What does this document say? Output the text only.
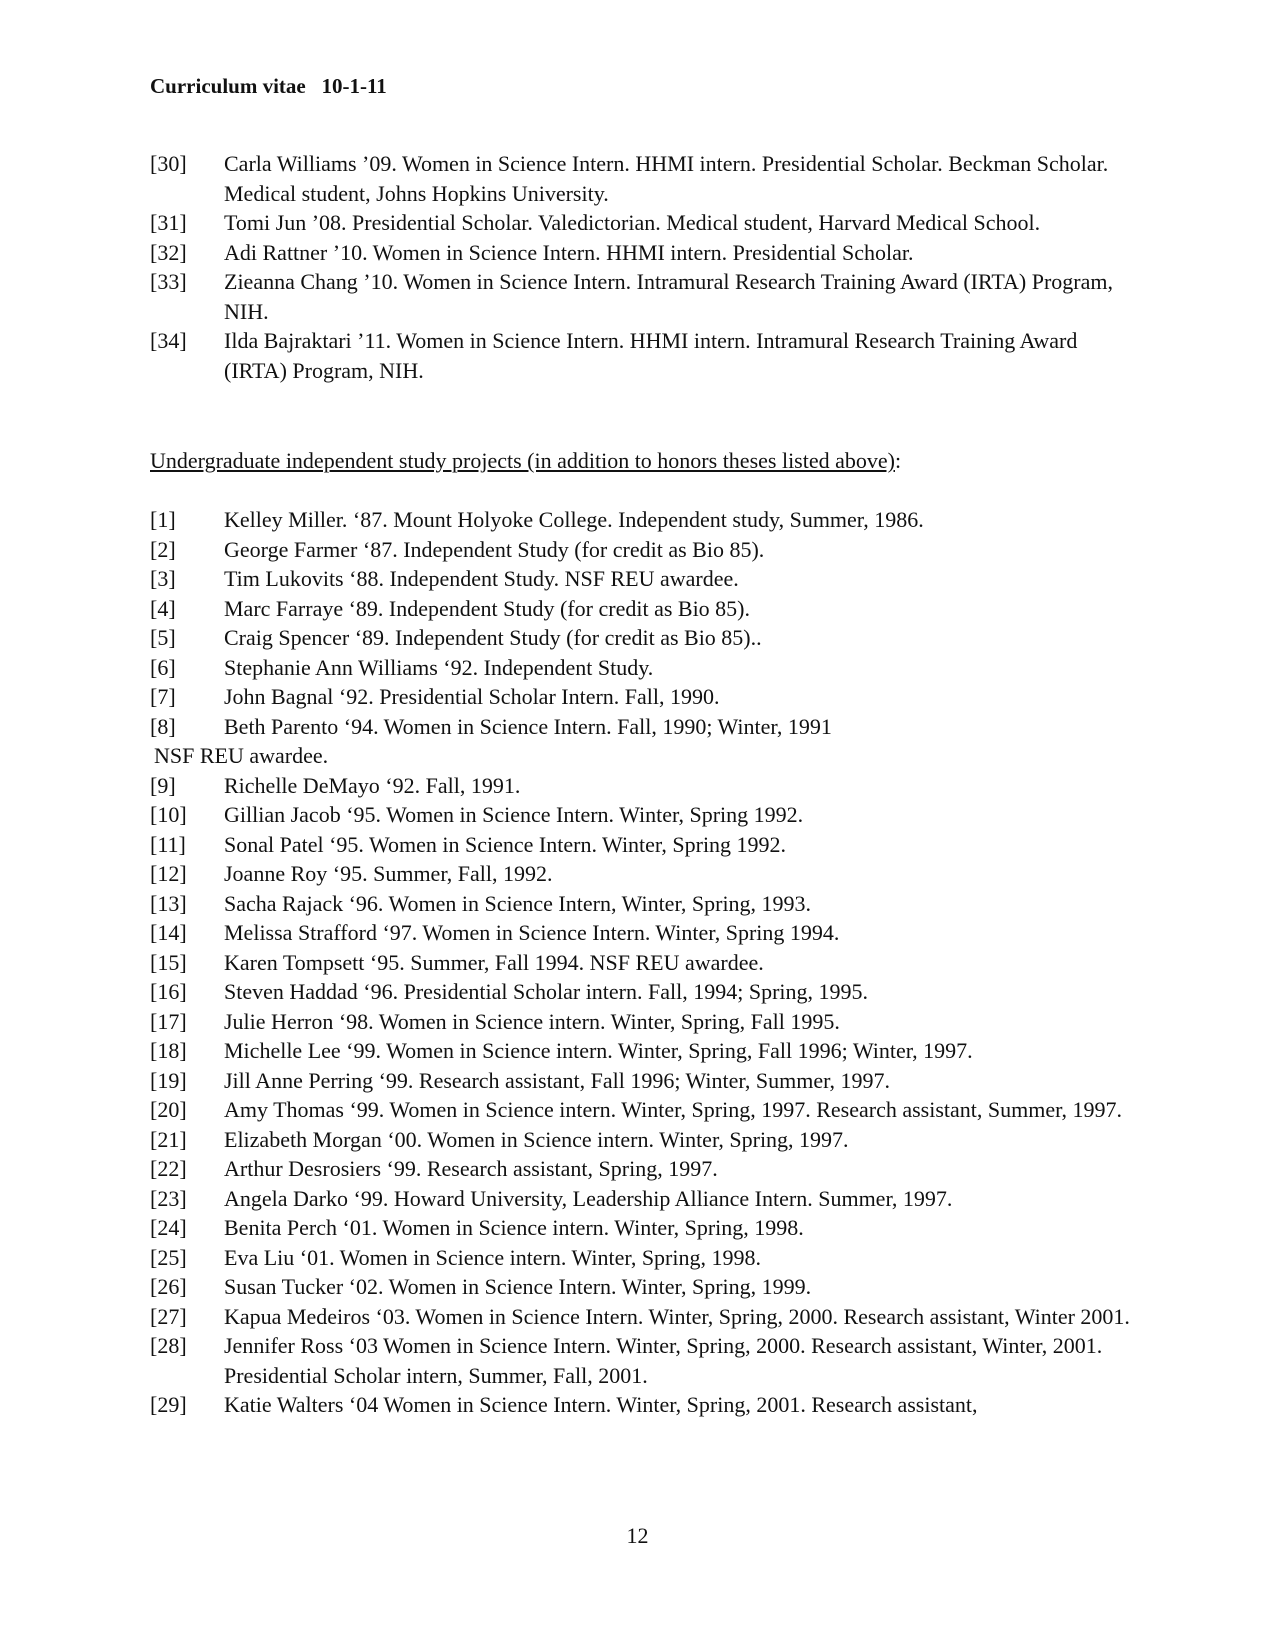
Curriculum vitae   10-1-11
[30] Carla Williams ’09. Women in Science Intern. HHMI intern. Presidential Scholar. Beckman Scholar. Medical student, Johns Hopkins University.
[31] Tomi Jun ’08. Presidential Scholar. Valedictorian. Medical student, Harvard Medical School.
[32] Adi Rattner ’10. Women in Science Intern. HHMI intern. Presidential Scholar.
[33] Zieanna Chang ’10. Women in Science Intern. Intramural Research Training Award (IRTA) Program, NIH.
[34] Ilda Bajraktari ’11. Women in Science Intern. HHMI intern. Intramural Research Training Award (IRTA) Program, NIH.
Undergraduate independent study projects (in addition to honors theses listed above):
[1] Kelley Miller. ‘87. Mount Holyoke College. Independent study, Summer, 1986.
[2] George Farmer ‘87. Independent Study (for credit as Bio 85).
[3] Tim Lukovits ‘88. Independent Study. NSF REU awardee.
[4] Marc Farraye ‘89. Independent Study (for credit as Bio 85).
[5] Craig Spencer ‘89. Independent Study (for credit as Bio 85)..
[6] Stephanie Ann Williams ‘92. Independent Study.
[7] John Bagnal ‘92. Presidential Scholar Intern. Fall, 1990.
[8] Beth Parento ‘94. Women in Science Intern. Fall, 1990; Winter, 1991
NSF REU awardee.
[9] Richelle DeMayo ‘92. Fall, 1991.
[10] Gillian Jacob ‘95. Women in Science Intern. Winter, Spring 1992.
[11] Sonal Patel ‘95. Women in Science Intern. Winter, Spring 1992.
[12] Joanne Roy ‘95. Summer, Fall, 1992.
[13] Sacha Rajack ‘96. Women in Science Intern, Winter, Spring, 1993.
[14] Melissa Strafford ‘97. Women in Science Intern. Winter, Spring 1994.
[15] Karen Tompsett ‘95. Summer, Fall 1994. NSF REU awardee.
[16] Steven Haddad ‘96. Presidential Scholar intern. Fall, 1994; Spring, 1995.
[17] Julie Herron ‘98. Women in Science intern. Winter, Spring, Fall 1995.
[18] Michelle Lee ‘99. Women in Science intern. Winter, Spring, Fall 1996; Winter, 1997.
[19] Jill Anne Perring ‘99. Research assistant, Fall 1996; Winter, Summer, 1997.
[20] Amy Thomas ‘99. Women in Science intern. Winter, Spring, 1997. Research assistant, Summer, 1997.
[21] Elizabeth Morgan ‘00. Women in Science intern. Winter, Spring, 1997.
[22] Arthur Desrosiers ‘99. Research assistant, Spring, 1997.
[23] Angela Darko ‘99. Howard University, Leadership Alliance Intern. Summer, 1997.
[24] Benita Perch ‘01. Women in Science intern. Winter, Spring, 1998.
[25] Eva Liu ‘01. Women in Science intern. Winter, Spring, 1998.
[26] Susan Tucker ‘02. Women in Science Intern. Winter, Spring, 1999.
[27] Kapua Medeiros ‘03. Women in Science Intern. Winter, Spring, 2000. Research assistant, Winter 2001.
[28] Jennifer Ross ‘03 Women in Science Intern. Winter, Spring, 2000. Research assistant, Winter, 2001. Presidential Scholar intern, Summer, Fall, 2001.
[29] Katie Walters ‘04 Women in Science Intern. Winter, Spring, 2001. Research assistant,
12
